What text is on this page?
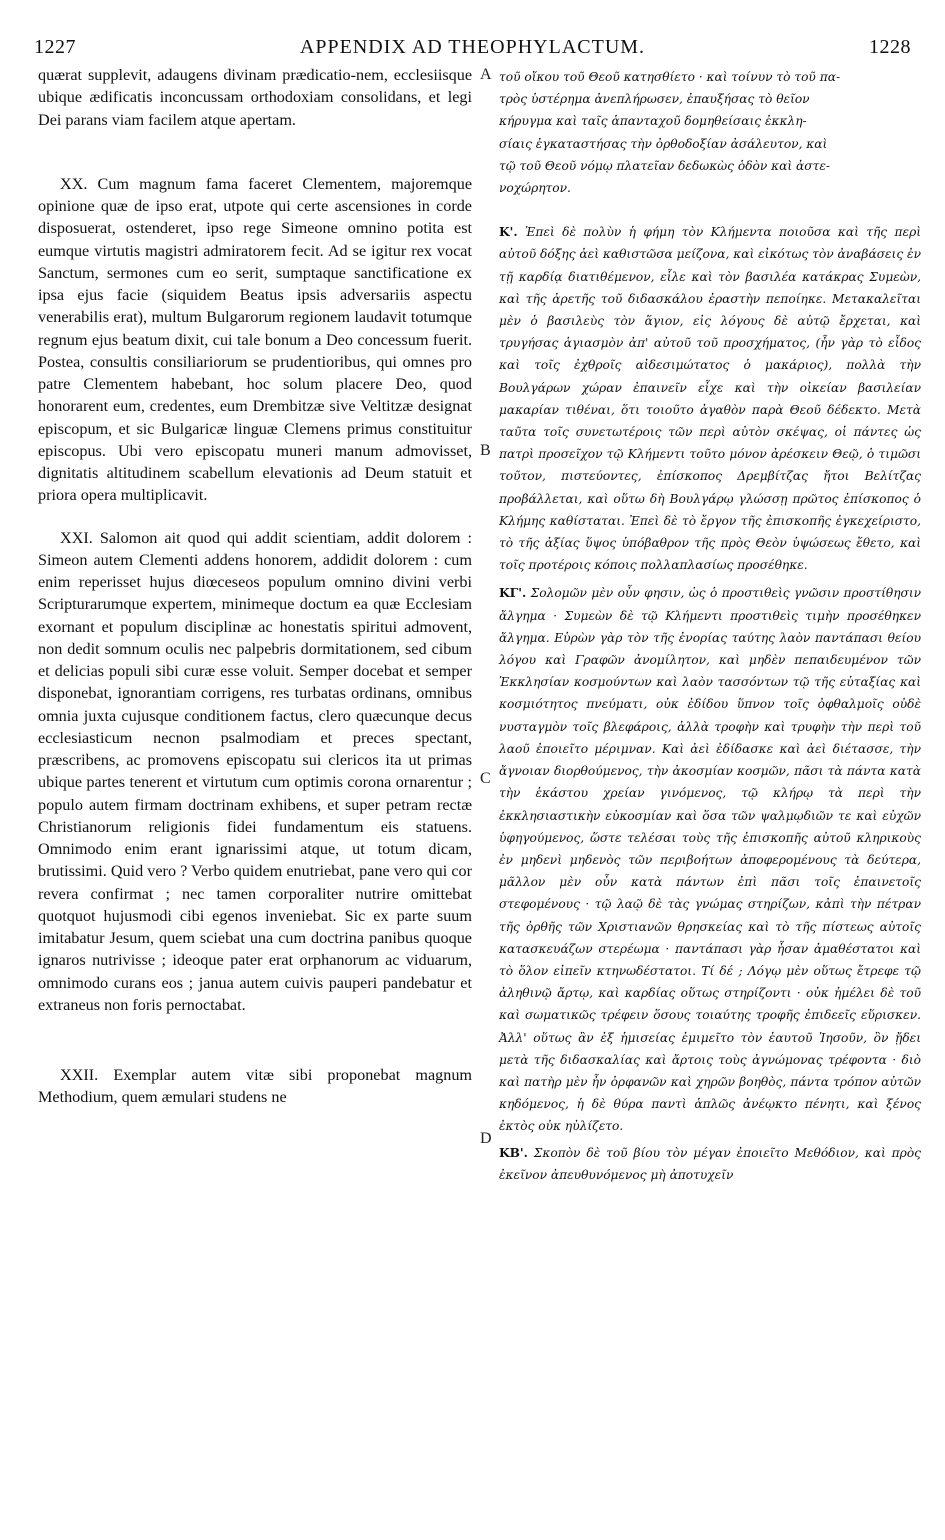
1227	APPENDIX AD THEOPHYLACTUM.	1228
A
B
C
D

quærat supplevit, adaugens divinam prædicatio-nem, ecclesiisque ubique ædificatis inconcussam orthodoxiam consolidans, et legi Dei parans viam facilem atque apertam.

XX. Cum magnum fama faceret Clementem, majoremque opinione quæ de ipso erat, utpote qui certe ascensiones in corde disposuerat, ostenderet, ipso rege Simeone omnino potita est eumque virtutis magistri admiratorem fecit. Ad se igitur rex vocat Sanctum, sermones cum eo serit, sumptaque sanctificatione ex ipsa ejus facie (siquidem Beatus ipsis adversariis aspectu venerabilis erat), multum Bulgarorum regionem laudavit totumque regnum ejus beatum dixit, cui tale bonum a Deo concessum fuerit. Postea, consultis consiliariorum se prudentioribus, qui omnes pro patre Clementem habebant, hoc solum placere Deo, quod honorarent eum, credentes, eum Drembitzæ sive Veltitzæ designat episcopum, et sic Bulgaricæ linguæ Clemens primus constituitur episcopus. Ubi vero episcopatu muneri manum admovisset, dignitatis altitudinem scabellum elevationis ad Deum statuit et priora opera multiplicavit.

XXI. Salomon ait quod qui addit scientiam, addit dolorem : Simeon autem Clementi addens honorem, addidit dolorem : cum enim reperisset hujus diœceseos populum omnino divini verbi Scripturarumque expertem, minimeque doctum ea quæ Ecclesiam exornant et populum disciplinæ ac honestatis spiritui admovent, non dedit somnum oculis nec palpebris dormitationem, sed cibum et delicias populi sibi curæ esse voluit. Semper docebat et semper disponebat, ignorantiam corrigens, res turbatas ordinans, omnibus omnia juxta cujusque conditionem factus, clero quæcunque decus ecclesiasticum necnon psalmodiam et preces spectant, præscribens, ac promovens episcopatu sui clericos ita ut primas ubique partes tenerent et virtutum cum optimis corona ornarentur ; populo autem firmam doctrinam exhibens, et super petram rectæ Christianorum religionis fidei fundamentum eis statuens. Omnimodo enim erant ignarissimi atque, ut totum dicam, brutissimi. Quid vero ? Verbo quidem enutriebat, pane vero qui cor revera confirmat ; nec tamen corporaliter nutrire omittebat quotquot hujusmodi cibi egenos inveniebat. Sic ex parte suum imitabatur Jesum, quem sciebat una cum doctrina panibus quoque ignaros nutrivisse ; ideoque pater erat orphanorum ac viduarum, omnimodo curans eos ; janua autem cuivis pauperi pandebatur et extraneus non foris pernoctabat.

XXII. Exemplar autem vitæ sibi proponebat magnum Methodium, quem æmulari studens ne

τοῦ οἴκου τοῦ Θεοῦ κατησθίετο · καὶ τοίνυν τὸ τοῦ πα-
τρὸς ὑστέρημα ἀνεπλήρωσεν, ἐπαυξήσας τὸ θεῖον
κήρυγμα καὶ ταῖς ἁπανταχοῦ δομηθείσαις ἐκκλη-
σίαις ἐγκαταστήσας τὴν ὀρθοδοξίαν ἀσάλευτον, καὶ
τῷ τοῦ Θεοῦ νόμῳ πλατεῖαν δεδωκὼς ὁδὸν καὶ ἀστε-
νοχώρητον.

Κ'. Ἐπεὶ δὲ πολὺν ἡ φήμη τὸν Κλήμεντα ποιοῦσα καὶ τῆς περὶ αὐτοῦ δόξης ἀεὶ καθιστῶσα μείζονα, καὶ εἰκότως τὸν ἀναβάσεις ἐν τῇ καρδίᾳ διατιθέμενον, εἷλε καὶ τὸν βασιλέα κατάκρας Συμεὼν, καὶ τῆς ἀρετῆς τοῦ διδασκάλου ἐραστὴν πεποίηκε. Μετακαλεῖται μὲν ὁ βασιλεὺς τὸν ἅγιον, εἰς λόγους δὲ αὐτῷ ἔρχεται, καὶ τρυγήσας ἁγιασμὸν ἀπ' αὐτοῦ τοῦ προσχήματος, (ἦν γὰρ τὸ εἶδος καὶ τοῖς ἐχθροῖς αἰδεσιμώτατος ὁ μακάριος), πολλὰ τὴν Βουλγάρων χώραν ἐπαινεῖν εἶχε καὶ τὴν οἰκείαν βασιλείαν μακαρίαν τιθέναι, ὅτι τοιοῦτο ἀγαθὸν παρὰ Θεοῦ δέδεκτο. Μετὰ ταῦτα τοῖς συνετωτέροις τῶν περὶ αὐτὸν σκέψας, οἱ πάντες ὡς πατρὶ προσεῖχον τῷ Κλήμεντι τοῦτο μόνον ἀρέσκειν Θεῷ, ὁ τιμῶσι τοῦτον, πιστεύοντες, ἐπίσκοπος Δρεμβίτζας ἤτοι Βελίτζας προβάλλεται, καὶ οὕτω δὴ Βουλγάρῳ γλώσσῃ πρῶτος ἐπίσκοπος ὁ Κλήμης καθίσταται. Ἐπεὶ δὲ τὸ ἔργον τῆς ἐπισκοπῆς ἐγκεχείριστο, τὸ τῆς ἀξίας ὕψος ὑπόβαθρον τῆς πρὸς Θεὸν ὑψώσεως ἔθετο, καὶ τοῖς προτέροις κόποις πολλαπλασίως προσέθηκε.

ΚΓ'. Σολομῶν μὲν οὖν φησιν, ὡς ὁ προστιθεὶς γνῶσιν προστίθησιν ἄλγημα · Συμεὼν δὲ τῷ Κλήμεντι προστιθεὶς τιμὴν προσέθηκεν ἄλγημα. Εὑρὼν γὰρ τὸν τῆς ἐνορίας ταύτης λαὸν παντάπασι θείου λόγου καὶ Γραφῶν ἀνομίλητον, καὶ μηδὲν πεπαιδευμένον τῶν Ἐκκλησίαν κοσμούντων καὶ λαὸν τασσόντων τῷ τῆς εὐταξίας καὶ κοσμιότητος πνεύματι, οὐκ ἐδίδου ὕπνον τοῖς ὀφθαλμοῖς οὐδὲ νυσταγμὸν τοῖς βλεφάροις, ἀλλὰ τροφὴν καὶ τρυφὴν τὴν περὶ τοῦ λαοῦ ἐποιεῖτο μέριμναν. Καὶ ἀεὶ ἐδίδασκε καὶ ἀεὶ διέτασσε, τὴν ἄγνοιαν διορθούμενος, τὴν ἀκοσμίαν κοσμῶν, πᾶσι τὰ πάντα κατὰ τὴν ἑκάστου χρείαν γινόμενος, τῷ κλήρῳ τὰ περὶ τὴν ἐκκλησιαστικὴν εὐκοσμίαν καὶ ὅσα τῶν ψαλμῳδιῶν τε καὶ εὐχῶν ὑφηγούμενος, ὥστε τελέσαι τοὺς τῆς ἐπισκοπῆς αὐτοῦ κληρικοὺς ἐν μηδενὶ μηδενὸς τῶν περιβοήτων ἀποφερομένους τὰ δεύτερα, μᾶλλον μὲν οὖν κατὰ πάντων ἐπὶ πᾶσι τοῖς ἐπαινετοῖς στεφομένους · τῷ λαῷ δὲ τὰς γνώμας στηρίζων, κἀπὶ τὴν πέτραν τῆς ὀρθῆς τῶν Χριστιανῶν θρησκείας καὶ τὸ τῆς πίστεως αὐτοῖς κατασκευάζων στερέωμα · παντάπασι γὰρ ἦσαν ἀμαθέστατοι καὶ τὸ ὅλον εἰπεῖν κτηνωδέστατοι. Τί δέ ; Λόγῳ μὲν οὕτως ἔτρεφε τῷ ἀληθινῷ ἄρτῳ, καὶ καρδίας οὕτως στηρίζοντι · οὐκ ἠμέλει δὲ τοῦ καὶ σωματικῶς τρέφειν ὅσους τοιαύτης τροφῆς ἐπιδεεῖς εὕρισκεν. Ἀλλ' οὕτως ἂν ἐξ ἡμισείας ἐμιμεῖτο τὸν ἑαυτοῦ Ἰησοῦν, ὃν ᾔδει μετὰ τῆς διδασκαλίας καὶ ἄρτοις τοὺς ἀγνώμονας τρέφοντα · διὸ καὶ πατὴρ μὲν ἦν ὀρφανῶν καὶ χηρῶν βοηθὸς, πάντα τρόπον αὐτῶν κηδόμενος, ἡ δὲ θύρα παντὶ ἁπλῶς ἀνέῳκτο πένητι, καὶ ξένος ἐκτὸς οὐκ ηὐλίζετο.

ΚΒ'. Σκοπὸν δὲ τοῦ βίου τὸν μέγαν ἐποιεῖτο Μεθόδιον, καὶ πρὸς ἐκεῖνον ἀπευθυνόμενος μὴ ἀποτυχεῖν
